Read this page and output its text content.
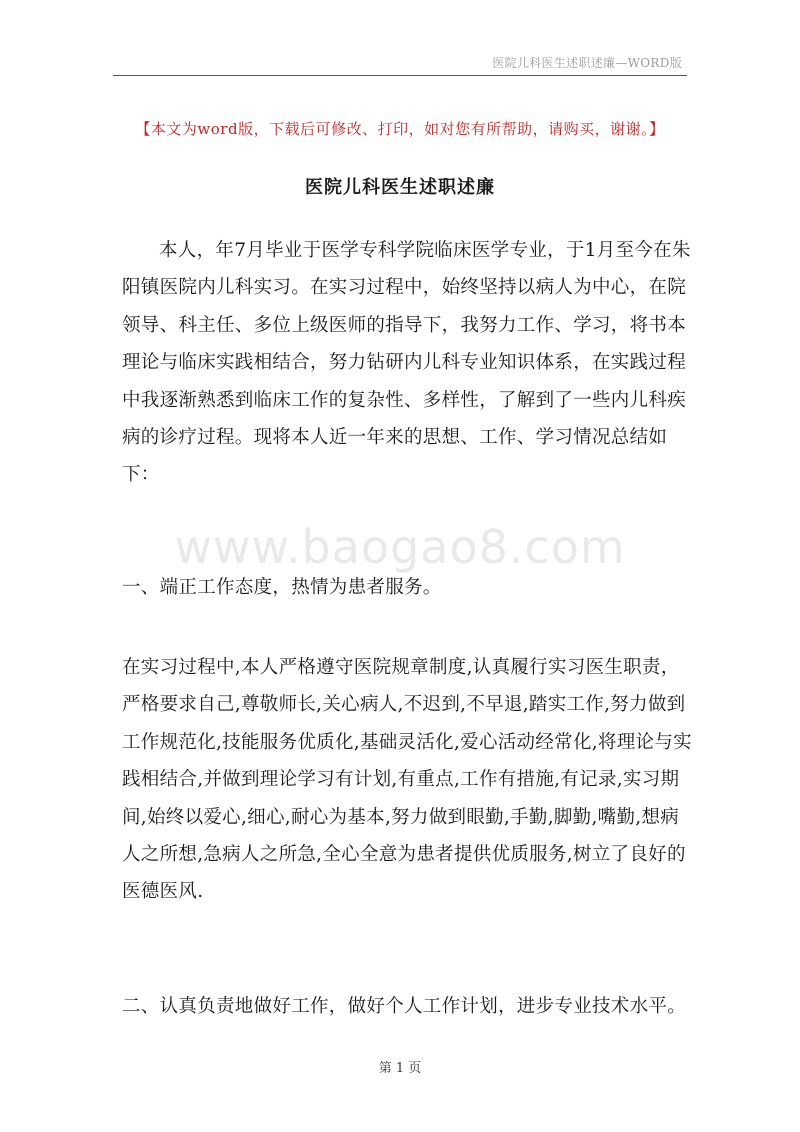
医院儿科医生述职述廉—WORD版
【本文为word版，下载后可修改、打印，如对您有所帮助，请购买，谢谢。】
医院儿科医生述职述廉

本人，年7月毕业于医学专科学院临床医学专业，于1月至今在朱阳镇医院内儿科实习。在实习过程中，始终坚持以病人为中心，在院领导、科主任、多位上级医师的指导下，我努力工作、学习，将书本理论与临床实践相结合，努力钻研内儿科专业知识体系，在实践过程中我逐渐熟悉到临床工作的复杂性、多样性，了解到了一些内儿科疾病的诊疗过程。现将本人近一年来的思想、工作、学习情况总结如下：

www.baogao8.com
一、端正工作态度，热情为患者服务。

在实习过程中,本人严格遵守医院规章制度,认真履行实习医生职责，严格要求自己,尊敬师长,关心病人,不迟到,不早退,踏实工作,努力做到工作规范化,技能服务优质化,基础灵活化,爱心活动经常化,将理论与实践相结合,并做到理论学习有计划,有重点,工作有措施,有记录,实习期间,始终以爱心,细心,耐心为基本,努力做到眼勤,手勤,脚勤,嘴勤,想病人之所想,急病人之所急,全心全意为患者提供优质服务,树立了良好的医德医风.

二、认真负责地做好工作，做好个人工作计划，进步专业技术水平。
第 1 页
